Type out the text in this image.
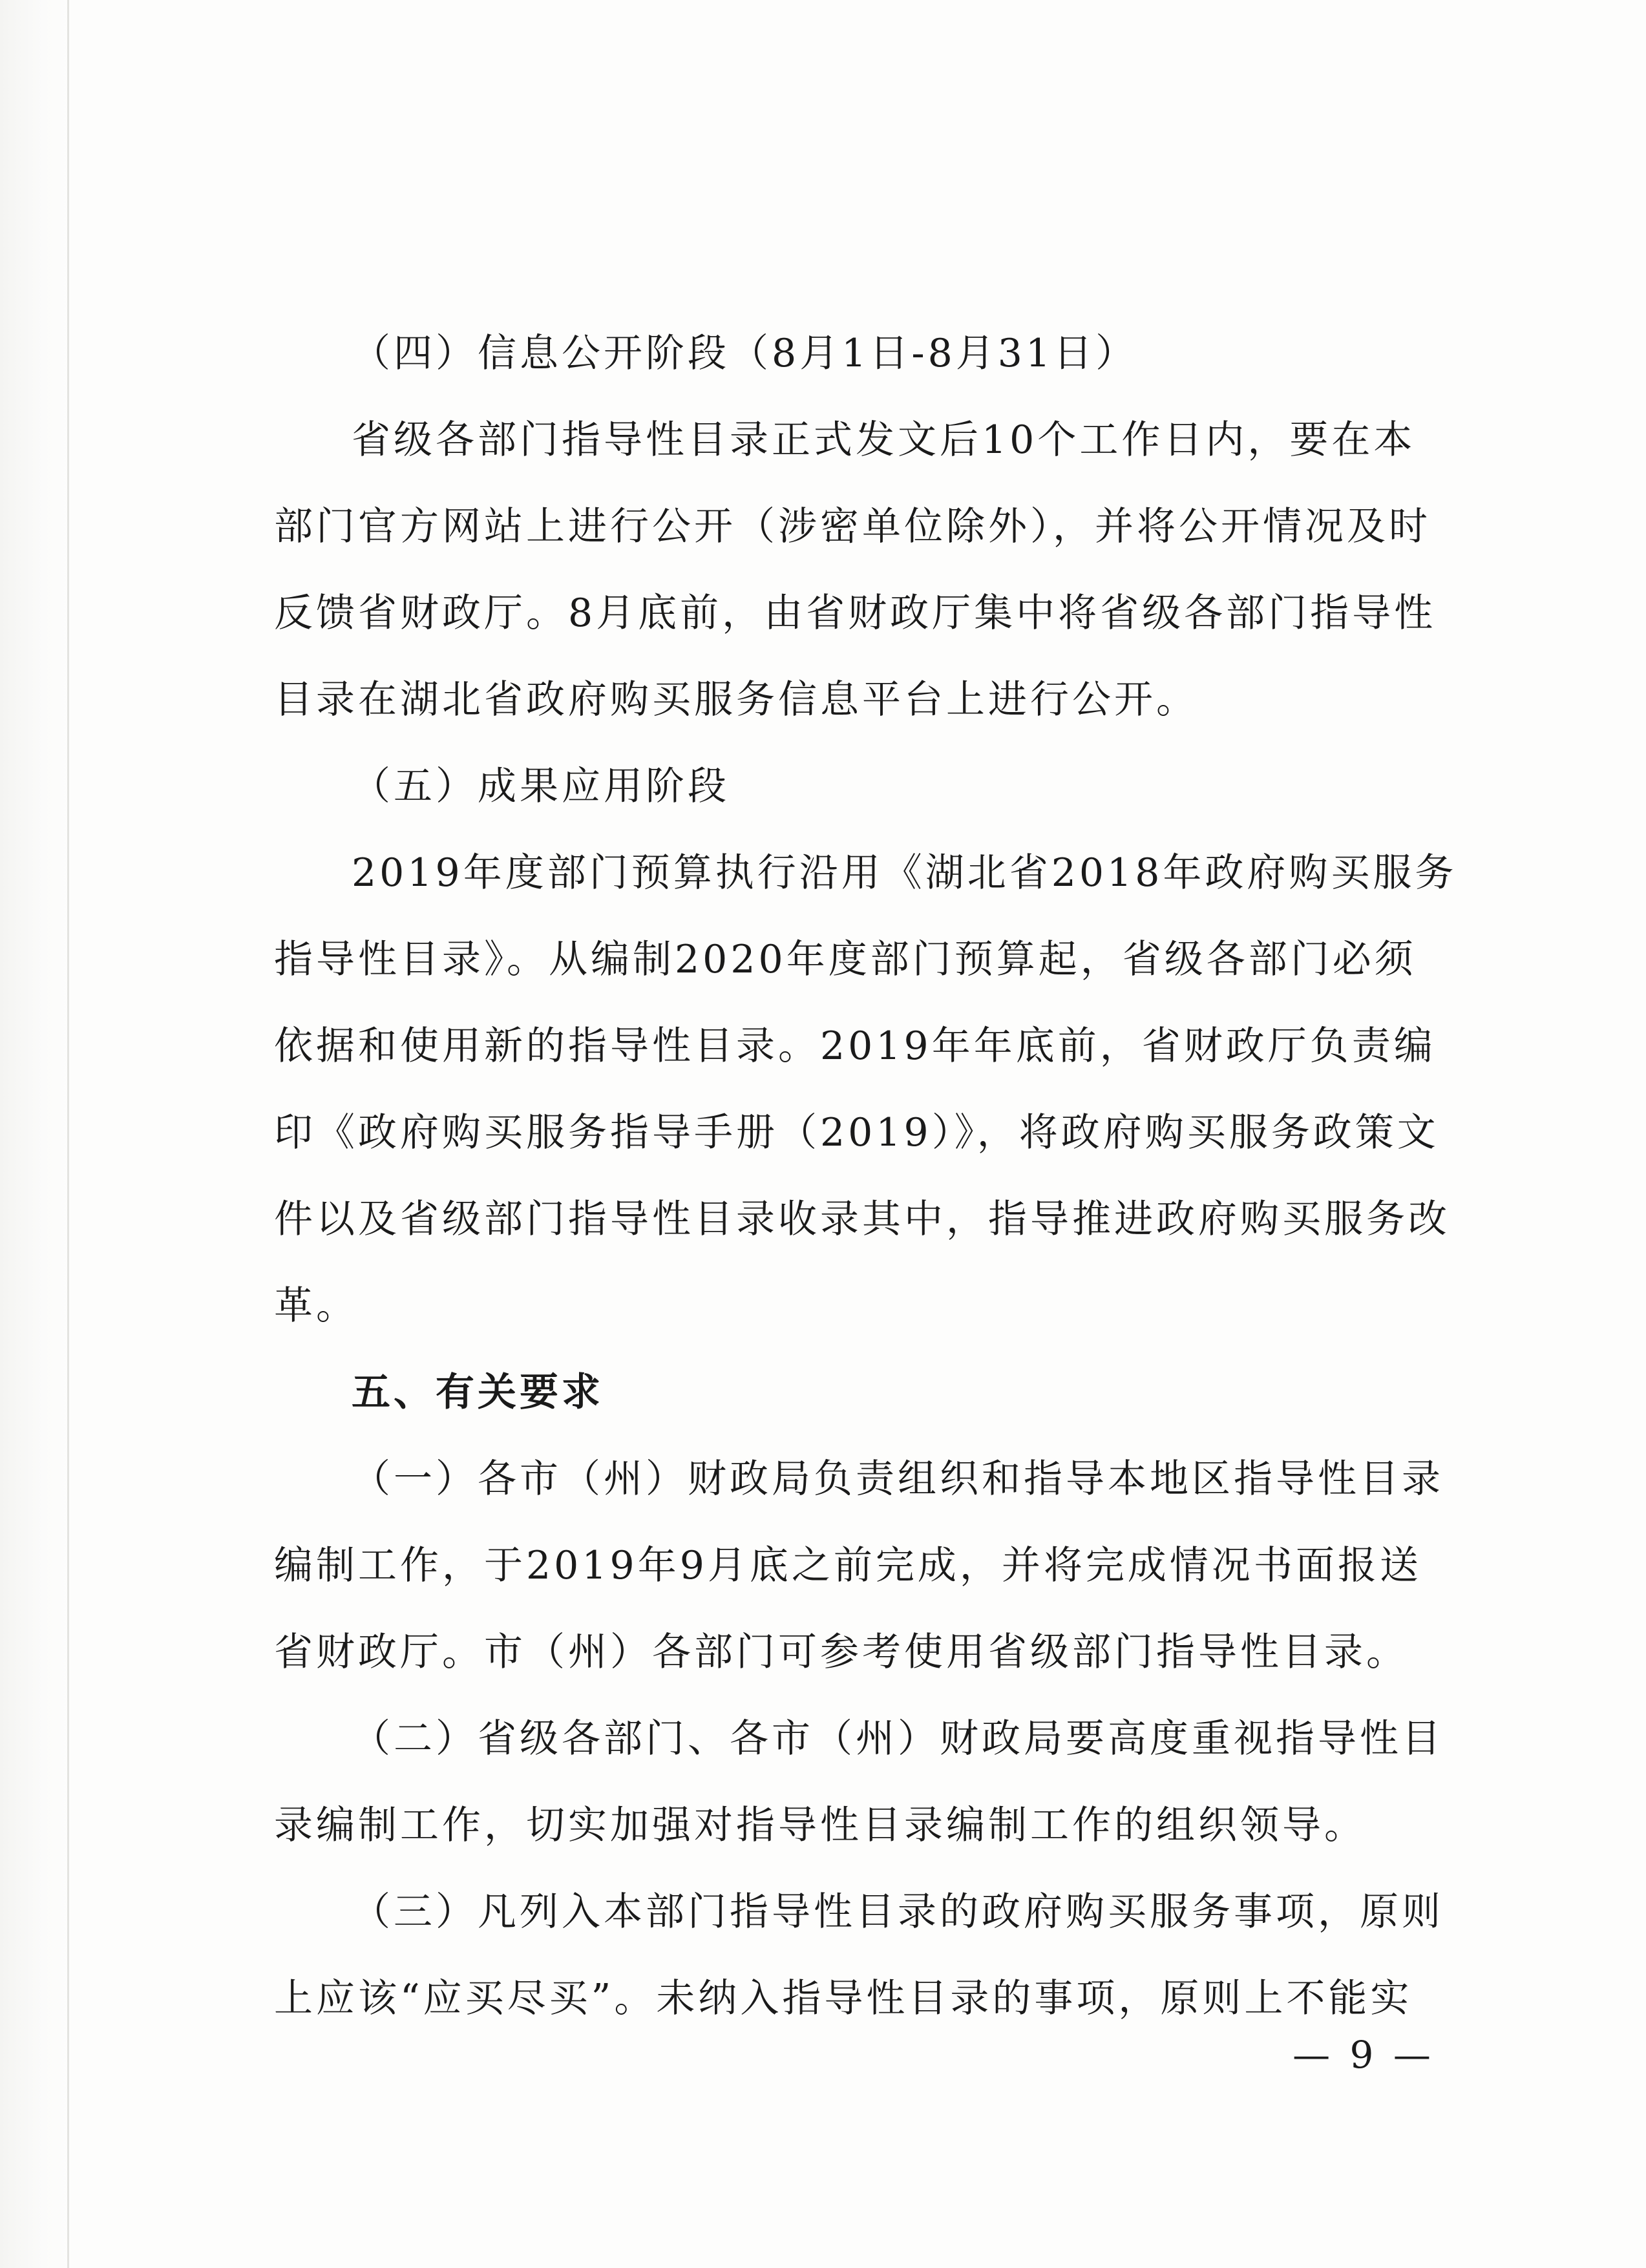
（四）信息公开阶段（8月1日-8月31日）
省级各部门指导性目录正式发文后10个工作日内，要在本
部门官方网站上进行公开（涉密单位除外），并将公开情况及时
反馈省财政厅。8月底前，由省财政厅集中将省级各部门指导性
目录在湖北省政府购买服务信息平台上进行公开。
（五）成果应用阶段
2019年度部门预算执行沿用《湖北省2018年政府购买服务
指导性目录》。从编制2020年度部门预算起，省级各部门必须
依据和使用新的指导性目录。2019年年底前，省财政厅负责编
印《政府购买服务指导手册（2019）》，将政府购买服务政策文
件以及省级部门指导性目录收录其中，指导推进政府购买服务改
革。
五、有关要求
（一）各市（州）财政局负责组织和指导本地区指导性目录
编制工作，于2019年9月底之前完成，并将完成情况书面报送
省财政厅。市（州）各部门可参考使用省级部门指导性目录。
（二）省级各部门、各市（州）财政局要高度重视指导性目
录编制工作，切实加强对指导性目录编制工作的组织领导。
（三）凡列入本部门指导性目录的政府购买服务事项，原则
上应该“应买尽买”。未纳入指导性目录的事项，原则上不能实
— 9 —
